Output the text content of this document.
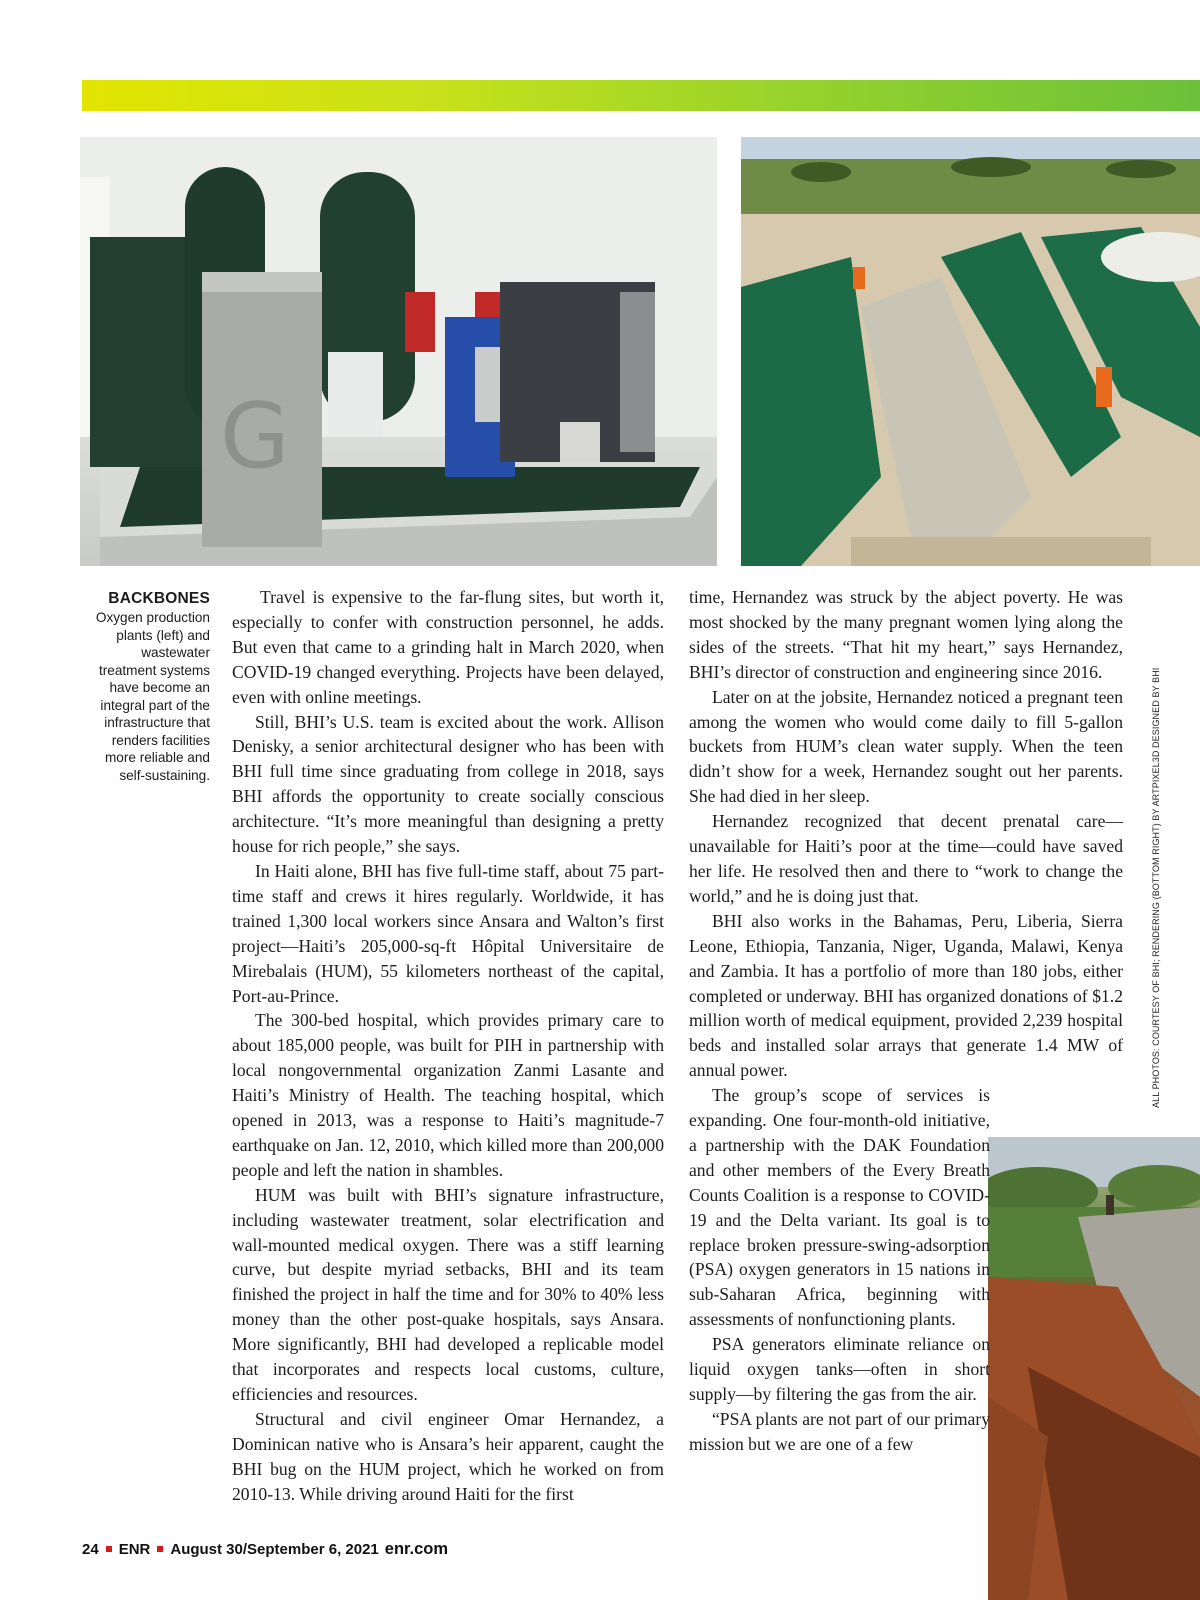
G
BACKBONES
Oxygen production plants (left) and wastewater treatment systems have become an integral part of the infrastructure that renders facilities more reliable and self-sustaining.

Travel is expensive to the far-flung sites, but worth it, especially to confer with construction personnel, he adds. But even that came to a grinding halt in March 2020, when COVID-19 changed everything. Projects have been delayed, even with online meetings.

Still, BHI’s U.S. team is excited about the work. Allison Denisky, a senior architectural designer who has been with BHI full time since graduating from college in 2018, says BHI affords the opportunity to create socially conscious architecture. “It’s more meaningful than designing a pretty house for rich people,” she says.

In Haiti alone, BHI has five full-time staff, about 75 part-time staff and crews it hires regularly. Worldwide, it has trained 1,300 local workers since Ansara and Walton’s first project—Haiti’s 205,000-sq-ft Hôpital Universitaire de Mirebalais (HUM), 55 kilometers northeast of the capital, Port-au-Prince.

The 300-bed hospital, which provides primary care to about 185,000 people, was built for PIH in partnership with local nongovernmental organization Zanmi Lasante and Haiti’s Ministry of Health. The teaching hospital, which opened in 2013, was a response to Haiti’s magnitude-7 earthquake on Jan. 12, 2010, which killed more than 200,000 people and left the nation in shambles.

HUM was built with BHI’s signature infrastructure, including wastewater treatment, solar electrification and wall-mounted medical oxygen. There was a stiff learning curve, but despite myriad setbacks, BHI and its team finished the project in half the time and for 30% to 40% less money than the other post-quake hospitals, says Ansara. More significantly, BHI had developed a replicable model that incorporates and respects local customs, culture, efficiencies and resources.

Structural and civil engineer Omar Hernandez, a Dominican native who is Ansara’s heir apparent, caught the BHI bug on the HUM project, which he worked on from 2010-13. While driving around Haiti for the first

time, Hernandez was struck by the abject poverty. He was most shocked by the many pregnant women lying along the sides of the streets. “That hit my heart,” says Hernandez, BHI’s director of construction and engineering since 2016.

Later on at the jobsite, Hernandez noticed a pregnant teen among the women who would come daily to fill 5-gallon buckets from HUM’s clean water supply. When the teen didn’t show for a week, Hernandez sought out her parents. She had died in her sleep.

Hernandez recognized that decent prenatal care—unavailable for Haiti’s poor at the time—could have saved her life. He resolved then and there to “work to change the world,” and he is doing just that.

BHI also works in the Bahamas, Peru, Liberia, Sierra Leone, Ethiopia, Tanzania, Niger, Uganda, Malawi, Kenya and Zambia. It has a portfolio of more than 180 jobs, either completed or underway. BHI has organized donations of $1.2 million worth of medical equipment, provided 2,239 hospital beds and installed solar arrays that generate 1.4 MW of annual power.

The group’s scope of services is expanding. One four-month-old initiative, a partnership with the DAK Foundation and other members of the Every Breath Counts Coalition is a response to COVID-19 and the Delta variant. Its goal is to replace broken pressure-swing-adsorption (PSA) oxygen generators in 15 nations in sub-Saharan Africa, beginning with assessments of nonfunctioning plants.

PSA generators eliminate reliance on liquid oxygen tanks—often in short supply—by filtering the gas from the air.

“PSA plants are not part of our primary mission but we are one of a few

ALL PHOTOS: COURTESY OF BHI; RENDERING (BOTTOM RIGHT) BY ARTPIXEL3D DESIGNED BY BHI
24 ENR August 30/September 6, 2021 enr.com
